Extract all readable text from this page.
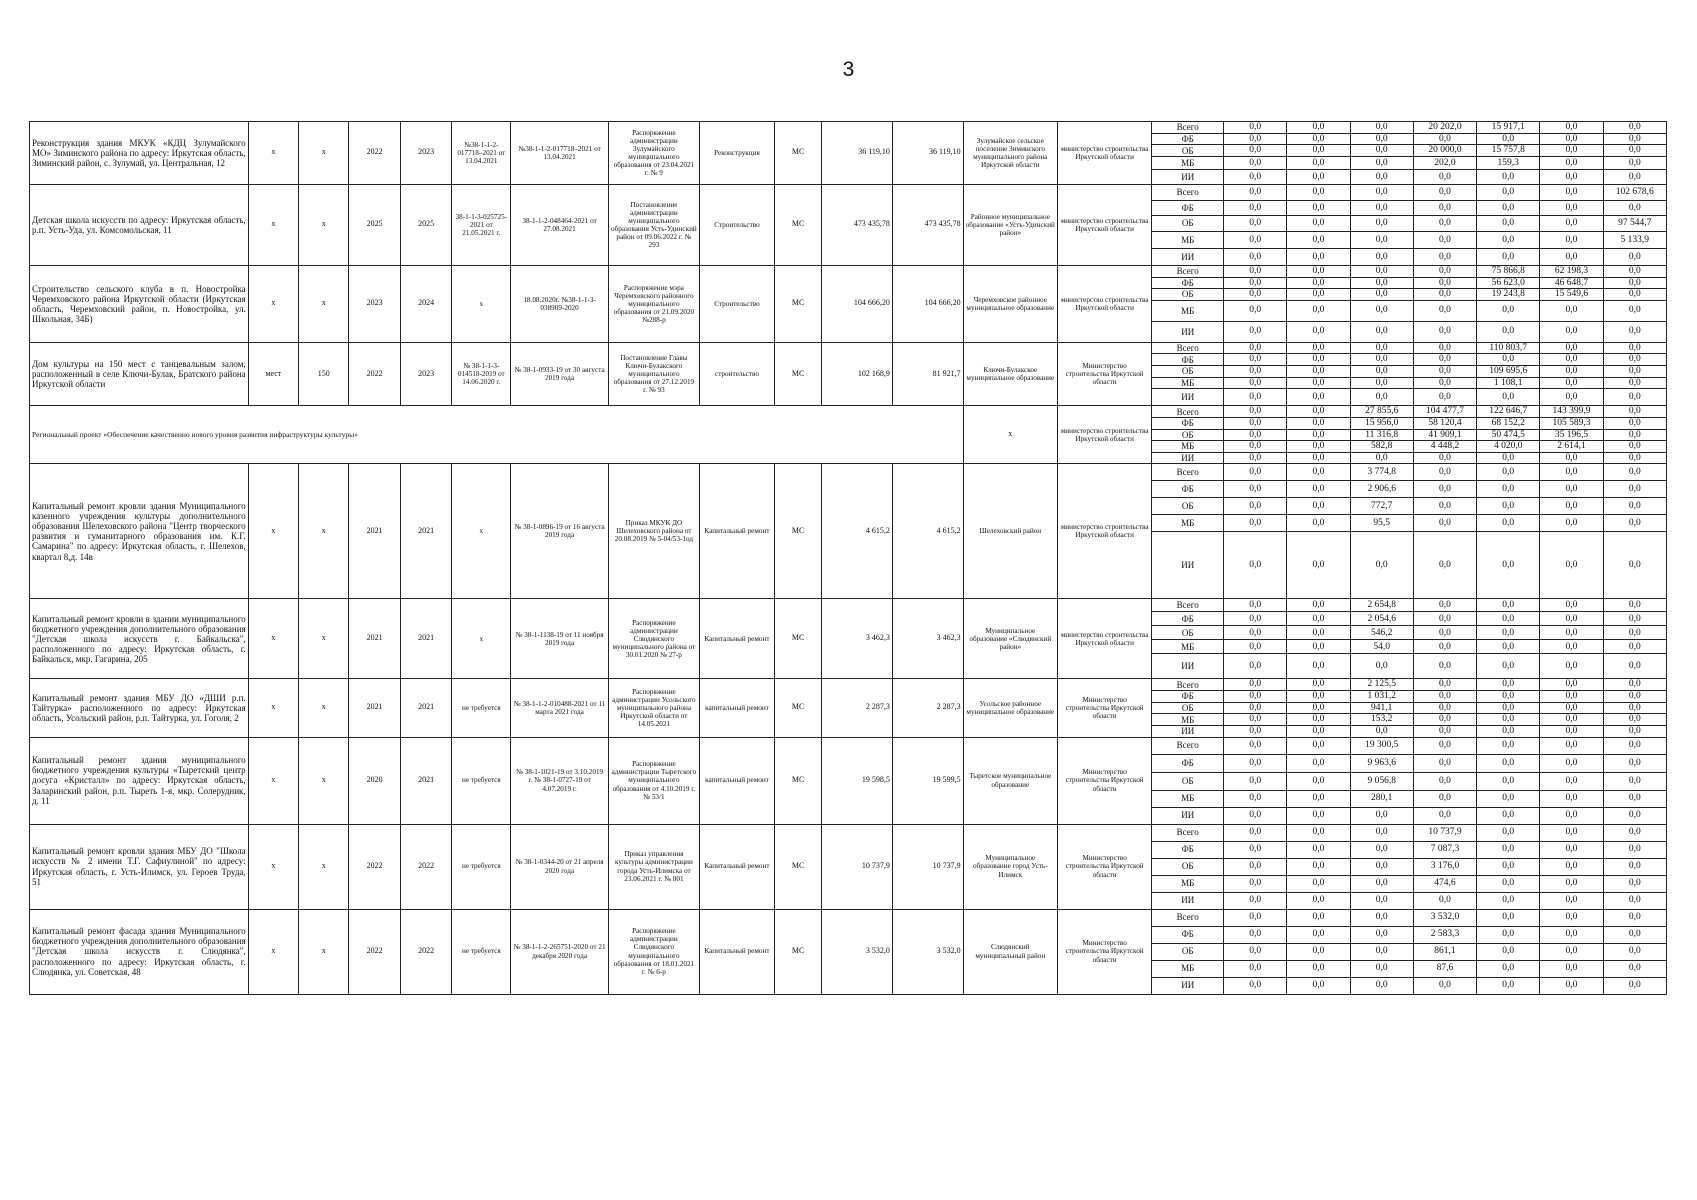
3
Реконструкция здания МКУК «КДЦ Зулумайского МО» Зиминского района по адресу: Иркутская область, Зиминский район, с. Зулумай, ул. Центральная, 12	х	х	2022	2023	№38-1-1-2-017718–2021 от 13.04.2021	№38-1-1-2-017718–2021 от 13.04.2021	Распоряжение администрации Зулумайского муниципального образования от 23.04.2021 г. № 9	Реконструкция	МС	36 119,10	36 119,10	Зулумайское сельское поселение Зиминского муниципального района Иркутской области	министерство строительства Иркутской области	Всего	0,0	0,0	0,0	20 202,0	15 917,1	0,0	0,0
														ФБ	0,0	0,0	0,0	0,0	0,0	0,0	0,0
														ОБ	0,0	0,0	0,0	20 000,0	15 757,8	0,0	0,0
														МБ	0,0	0,0	0,0	202,0	159,3	0,0	0,0
														ИИ	0,0	0,0	0,0	0,0	0,0	0,0	0,0
Детская школа искусств по адресу: Иркутская область, р.п. Усть-Уда, ул. Комсомольская, 11	х	х	2025	2025	38-1-1-3-025725-2021 от 21.05.2021 г.	38-1-1-2-048464-2021 от 27.08.2021	Постановление администрации муниципального образования Усть-Удинский район от 09.06.2022 г. № 293	Строительство	МС	473 435,78	473 435,78	Районное муниципальное образование «Усть-Удинский район»	министерство строительства Иркутской области	Всего	0,0	0,0	0,0	0,0	0,0	0,0	102 678,6
														ФБ	0,0	0,0	0,0	0,0	0,0	0,0	0,0
														ОБ	0,0	0,0	0,0	0,0	0,0	0,0	97 544,7
														МБ	0,0	0,0	0,0	0,0	0,0	0,0	5 133,9
														ИИ	0,0	0,0	0,0	0,0	0,0	0,0	0,0
Строительство сельского клуба в п. Новостройка Черемховского района Иркутской области (Иркутская область, Черемховский район, п. Новостройка, ул. Школьная, 34Б)	х	х	2023	2024	х	18.08.2020г. №38-1-1-3-038909-2020	Распоряжение мэра Черемховского районного муниципального образования от 21.09.2020 №288-р	Строительство	МС	104 666,20	104 666,20	Черемховское районное муниципальное образование	министерство строительства Иркутской области	Всего	0,0	0,0	0,0	0,0	75 866,8	62 198,3	0,0
														ФБ	0,0	0,0	0,0	0,0	56 623,0	46 648,7	0,0
														ОБ	0,0	0,0	0,0	0,0	19 243,8	15 549,6	0,0
														МБ	0,0	0,0	0,0	0,0	0,0	0,0	0,0
														ИИ	0,0	0,0	0,0	0,0	0,0	0,0	0,0
Дом культуры на 150 мест с танцевальным залом, расположенный в селе Ключи-Булак, Братского района Иркутской области	мест	150	2022	2023	№ 38-1-1-3-014518-2019 от 14.06.2020 г.	№ 38-1-0933-19 от 30 августа 2019 года	Постановление Главы Ключи-Булакского муниципального образования от 27.12.2019 г. № 93	строительство	МС	102 168,9	81 921,7	Ключи-Булакское муниципальное образование	Министерство строительства Иркутской области	Всего	0,0	0,0	0,0	0,0	110 803,7	0,0	0,0
														ФБ	0,0	0,0	0,0	0,0	0,0	0,0	0,0
														ОБ	0,0	0,0	0,0	0,0	109 695,6	0,0	0,0
														МБ	0,0	0,0	0,0	0,0	1 108,1	0,0	0,0
														ИИ	0,0	0,0	0,0	0,0	0,0	0,0	0,0
Региональный проект «Обеспечение качественно нового уровня развития инфраструктуры культуры»												х	министерство строительства Иркутской области	Всего	0,0	0,0	27 855,6	104 477,7	122 646,7	143 399,9	0,0
														ФБ	0,0	0,0	15 956,0	58 120,4	68 152,2	105 589,3	0,0
														ОБ	0,0	0,0	11 316,8	41 909,1	50 474,5	35 196,5	0,0
														МБ	0,0	0,0	582,8	4 448,2	4 020,0	2 614,1	0,0
														ИИ	0,0	0,0	0,0	0,0	0,0	0,0	0,0
Капитальный ремонт кровли здания Муниципального казенного учреждения культуры дополнительного образования Шелеховского района "Центр творческого развития и гуманитарного образования им. К.Г. Самарина" по адресу: Иркутская область, г. Шелехов, квартал 8,д. 14в	х	х	2021	2021	х	№ 38-1-0896-19 от 16 августа 2019 года	Приказ МКУК ДО Шелеховского района от 20.08.2019 № 5-04/53-1од	Капитальный ремонт	МС	4 615,2	4 615,2	Шелеховский район	министерство строительства Иркутской области	Всего	0,0	0,0	3 774,8	0,0	0,0	0,0	0,0
														ФБ	0,0	0,0	2 906,6	0,0	0,0	0,0	0,0
														ОБ	0,0	0,0	772,7	0,0	0,0	0,0	0,0
														МБ	0,0	0,0	95,5	0,0	0,0	0,0	0,0
														ИИ	0,0	0,0	0,0	0,0	0,0	0,0	0,0
Капитальный ремонт кровли в здании муниципального бюджетного учреждения дополнительного образования "Детская школа искусств г. Байкальска", расположенного по адресу: Иркутская область, г. Байкальск, мкр. Гагарина, 205	х	х	2021	2021	х	№ 38-1-1138-19 от 11 ноября 2019 года	Распоряжение администрации Слюдянского муниципального района от 30.01.2020 № 27-р	Капитальный ремонт	МС	3 462,3	3 462,3	Муниципальное образование «Слюдянский район»	министерство строительства Иркутской области	Всего	0,0	0,0	2 654,8	0,0	0,0	0,0	0,0
														ФБ	0,0	0,0	2 054,6	0,0	0,0	0,0	0,0
														ОБ	0,0	0,0	546,2	0,0	0,0	0,0	0,0
														МБ	0,0	0,0	54,0	0,0	0,0	0,0	0,0
														ИИ	0,0	0,0	0,0	0,0	0,0	0,0	0,0
Капитальный ремонт здания МБУ ДО «ДШИ р.п. Тайтурка» расположенного по адресу: Иркутская область, Усольский район, р.п. Тайтурка, ул. Гоголя, 2	х	х	2021	2021	не требуется	№ 38-1-1-2-010488-2021 от 11 марта 2021 года	Распоряжение администрации Усольского муниципального района Иркутской области от 14.05.2021	капитальный ремонт	МС	2 287,3	2 287,3	Усольское районное муниципальное образование	Министерство строительства Иркутской области	Всего	0,0	0,0	2 125,5	0,0	0,0	0,0	0,0
														ФБ	0,0	0,0	1 031,2	0,0	0,0	0,0	0,0
														ОБ	0,0	0,0	941,1	0,0	0,0	0,0	0,0
														МБ	0,0	0,0	153,2	0,0	0,0	0,0	0,0
														ИИ	0,0	0,0	0,0	0,0	0,0	0,0	0,0
Капитальный ремонт здания муниципального бюджетного учреждения культуры «Тыретский центр досуга «Кристалл» по адресу: Иркутская область, Заларинский район, р.п. Тыреть 1-я, мкр. Солерудник, д. 11	х	х	2020	2021	не требуется	№ 38-1-1021-19 от 3.10.2019 г. № 38-1-0727-19 от 4.07.2019 г.	Распоряжение администрации Тыретского муниципального образования от 4.10.2019 г. № 53/1	капитальный ремонт	МС	19 598,5	19 599,5	Тыретское муниципальное образование	Министерство строительства Иркутской области	Всего	0,0	0,0	19 300,5	0,0	0,0	0,0	0,0
														ФБ	0,0	0,0	9 963,6	0,0	0,0	0,0	0,0
														ОБ	0,0	0,0	9 056,8	0,0	0,0	0,0	0,0
														МБ	0,0	0,0	280,1	0,0	0,0	0,0	0,0
														ИИ	0,0	0,0	0,0	0,0	0,0	0,0	0,0
Капитальный ремонт кровли здания МБУ ДО "Школа искусств № 2 имени Т.Г. Сафиулиной" по адресу: Иркутская область, г. Усть-Илимск, ул. Героев Труда, 51	х	х	2022	2022	не требуется	№ 38-1-0344-20 от 21 апреля 2020 года	Приказ управления культуры администрации города Усть-Илимска от 23.06.2021 г. № 801	Капитальный ремонт	МС	10 737,9	10 737,9	Муниципальное образование город Усть-Илимск	Министерство строительства Иркутской области	Всего	0,0	0,0	0,0	10 737,9	0,0	0,0	0,0
														ФБ	0,0	0,0	0,0	7 087,3	0,0	0,0	0,0
														ОБ	0,0	0,0	0,0	3 176,0	0,0	0,0	0,0
														МБ	0,0	0,0	0,0	474,6	0,0	0,0	0,0
														ИИ	0,0	0,0	0,0	0,0	0,0	0,0	0,0
Капитальный ремонт фасада здания Муниципального бюджетного учреждения дополнительного образования "Детская школа искусств г. Слюдянка", расположенного по адресу: Иркутская область, г. Слюдянка, ул. Советская, 48	х	х	2022	2022	не требуется	№ 38-1-1-2-265751-2020 от 21 декабря 2020 года	Распоряжение администрации Слюдянского муниципального образования от 18.01.2021 г. № 6-р	Капитальный ремонт	МС	3 532,0	3 532,0	Слюдянский муниципальный район	Министерство строительства Иркутской области	Всего	0,0	0,0	0,0	3 532,0	0,0	0,0	0,0
														ФБ	0,0	0,0	0,0	2 583,3	0,0	0,0	0,0
														ОБ	0,0	0,0	0,0	861,1	0,0	0,0	0,0
														МБ	0,0	0,0	0,0	87,6	0,0	0,0	0,0
														ИИ	0,0	0,0	0,0	0,0	0,0	0,0	0,0
